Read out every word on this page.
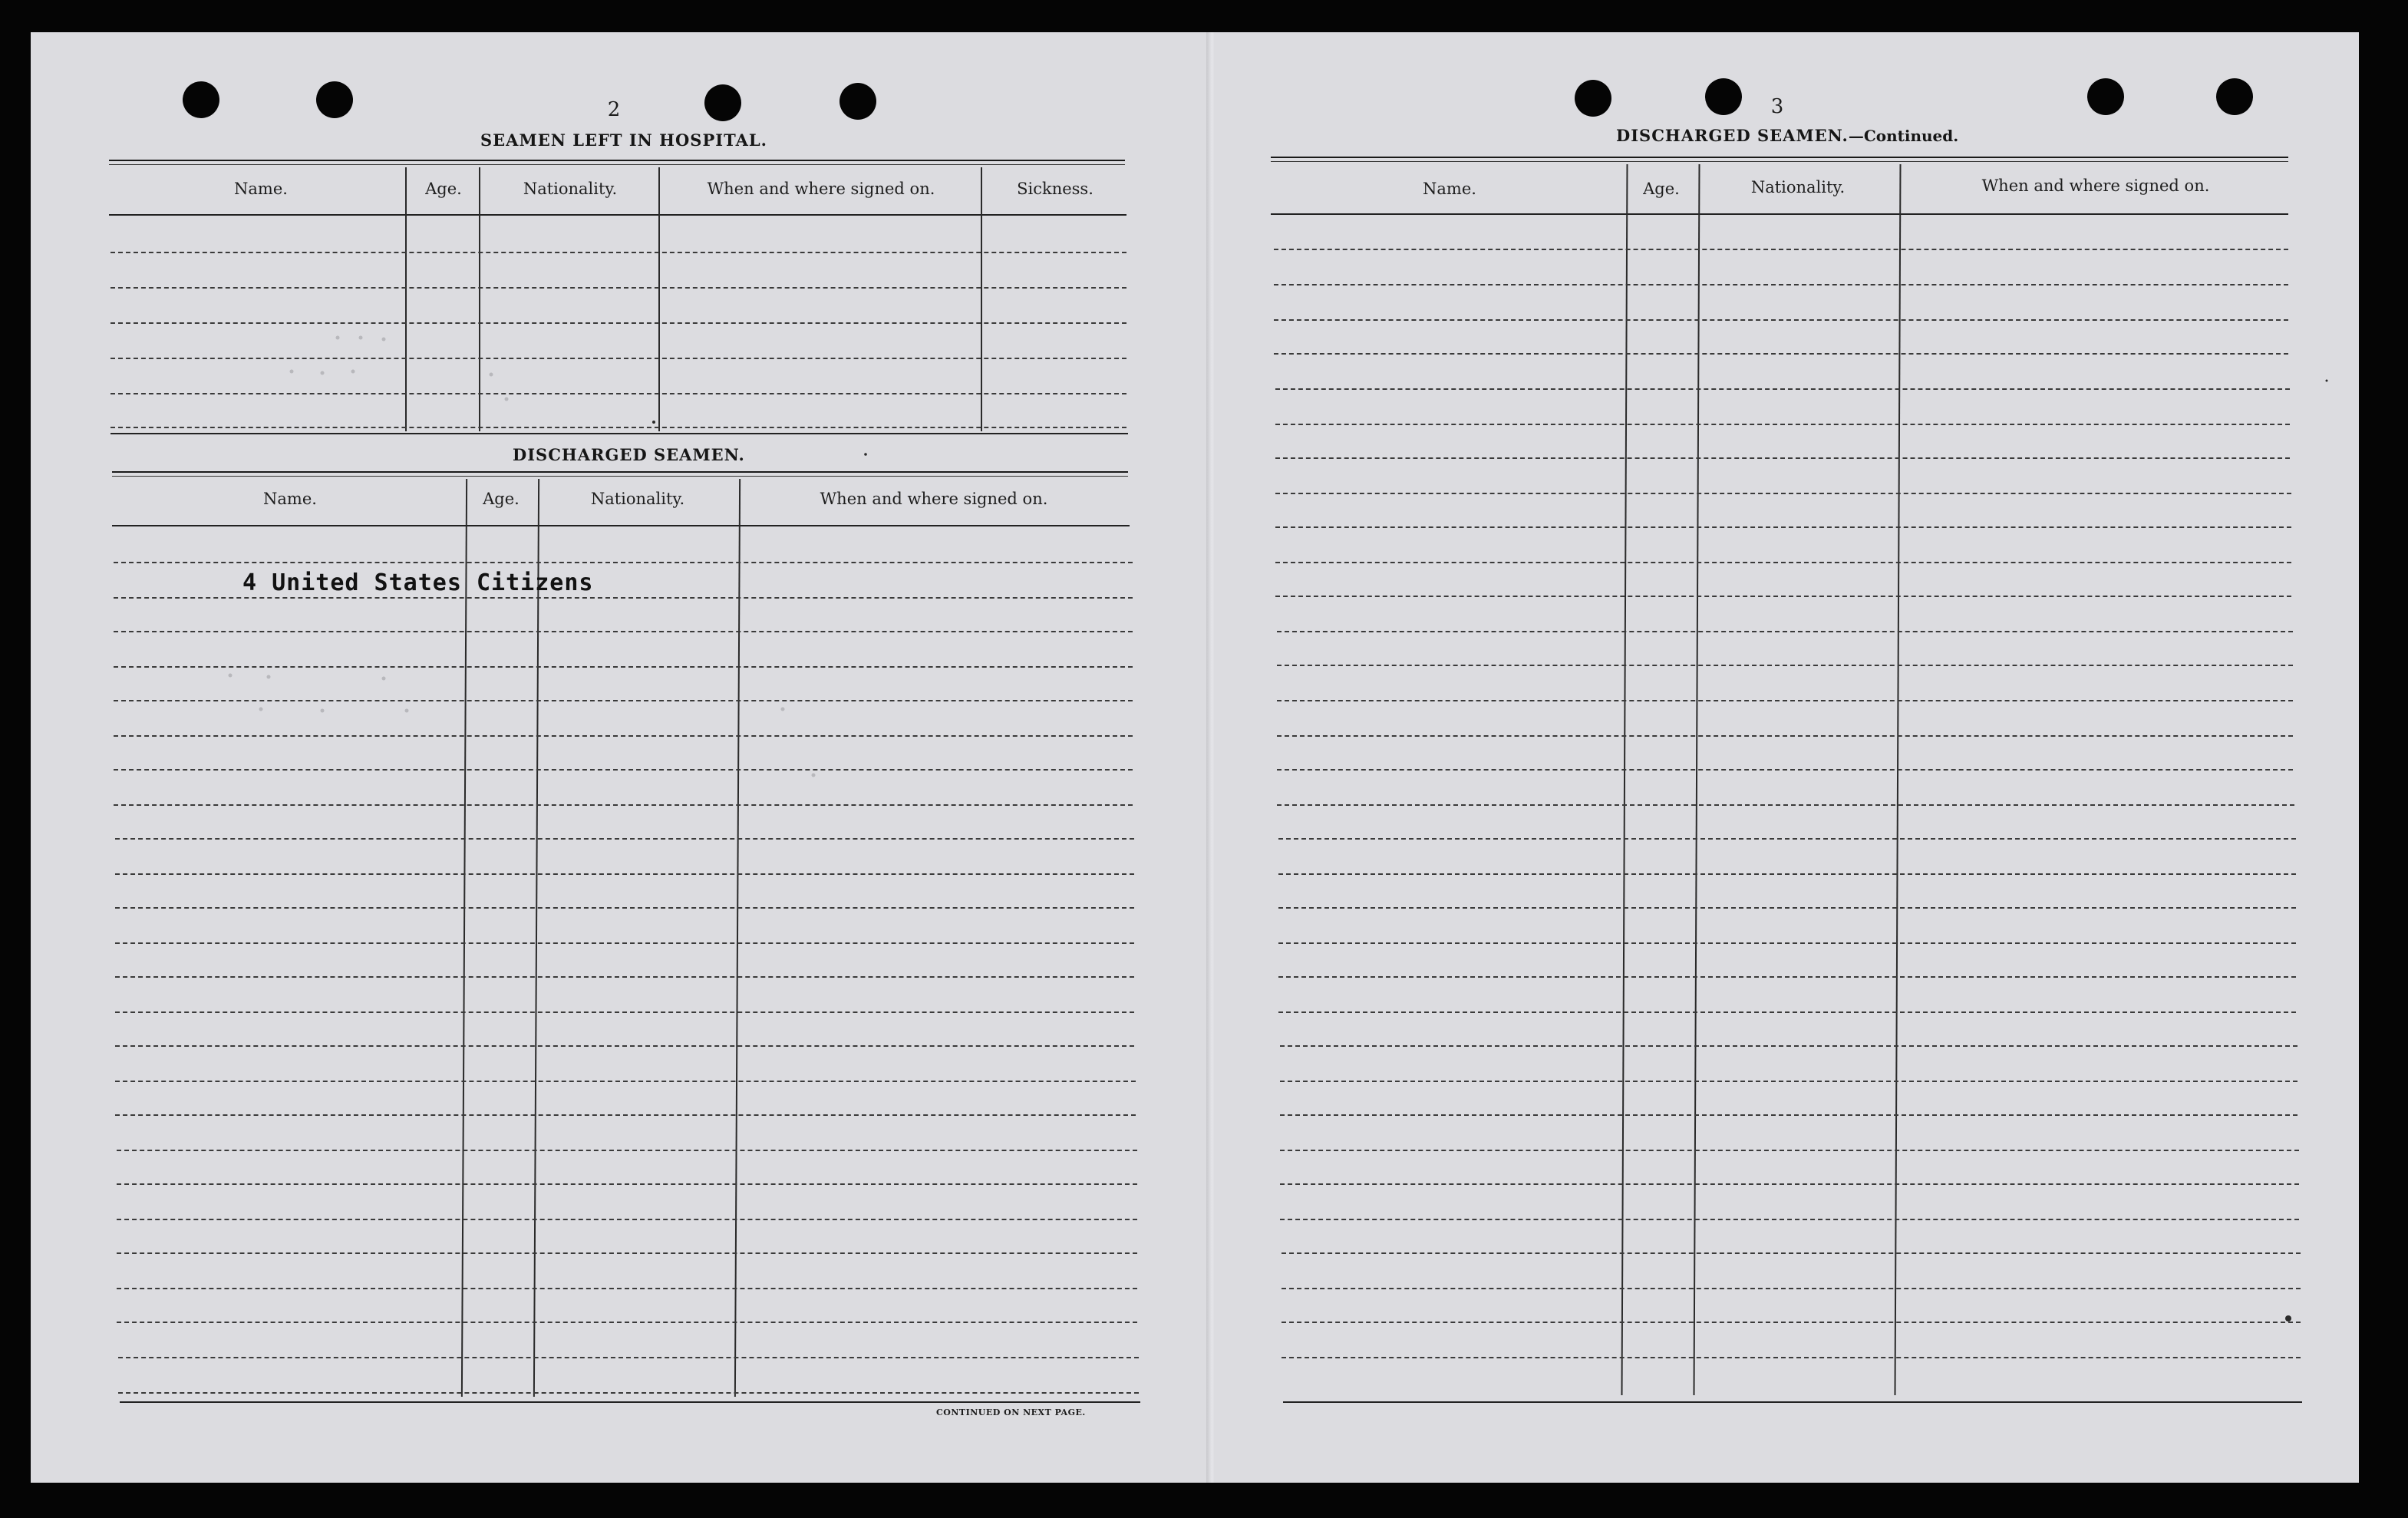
2
SEAMEN LEFT IN HOSPITAL.
Name.	Age.	Nationality.	When and where signed on.	Sickness.
DISCHARGED SEAMEN.
Name.	Age.	Nationality.	When and where signed on.
4 United States Citizens
CONTINUED ON NEXT PAGE.
3
DISCHARGED SEAMEN.—Continued.
Name.	Age.	Nationality.	When and where signed on.
